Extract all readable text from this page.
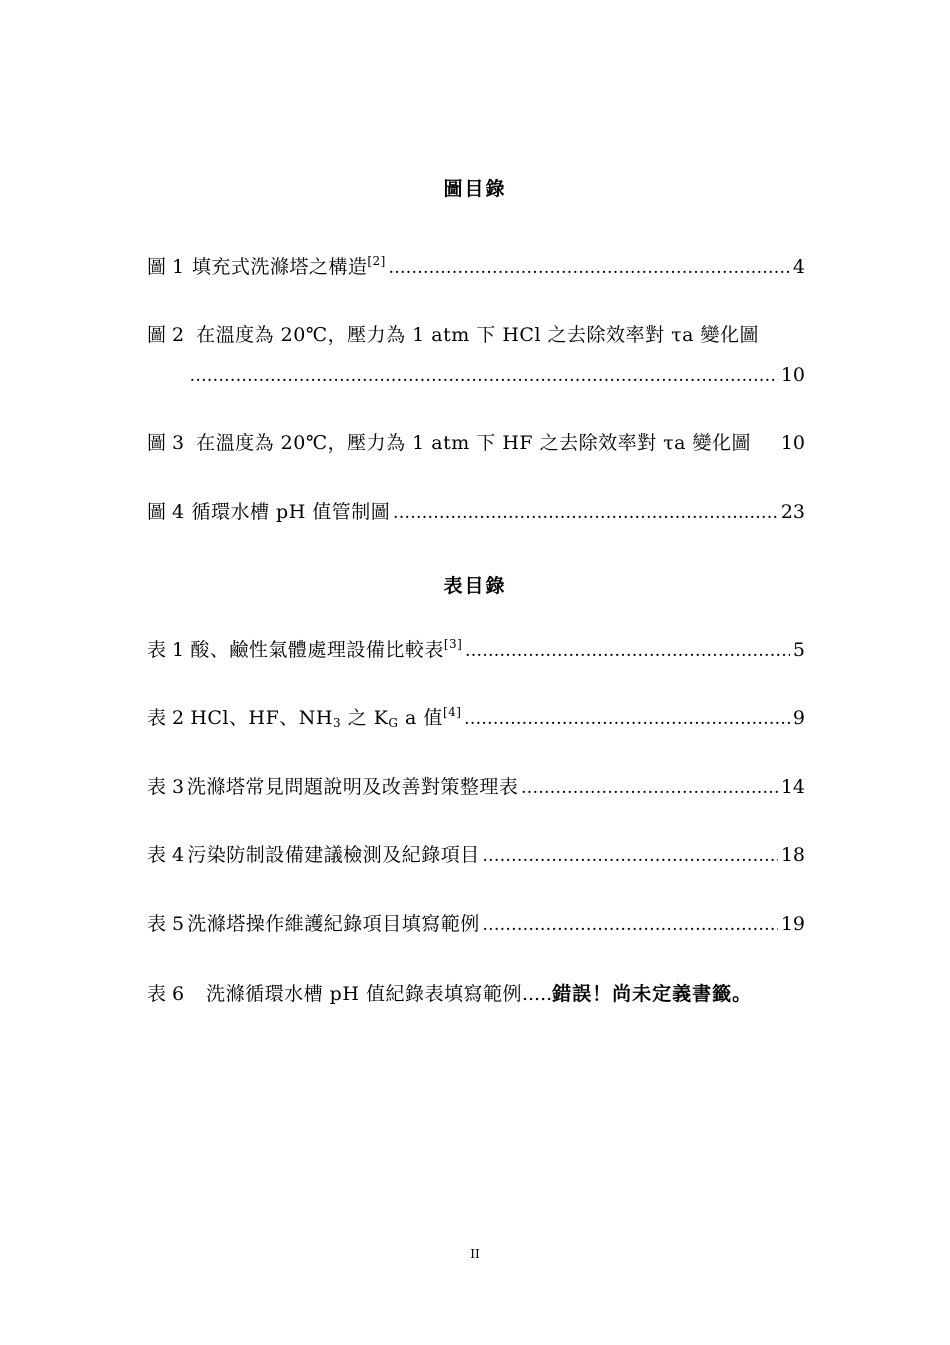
圖目錄
圖 1 填充式洗滌塔之構造[2] .....	4
圖 2 在溫度為 20℃，壓力為 1 atm 下 HCl 之去除效率對 τa 變化圖
.....
10
圖 3 在溫度為 20℃，壓力為 1 atm 下 HF 之去除效率對 τa 變化圖 10
圖 4 循環水槽 pH 值管制圖 .....	23
表目錄
表 1 酸、鹼性氣體處理設備比較表[3] .....	5
表 2 HCl、HF、$NH_3$ 之 $K_G$ a 值[4] .....	9
表 3 洗滌塔常見問題說明及改善對策整理表 .....	14
表 4 污染防制設備建議檢測及紀錄項目 .....	18
表 5 洗滌塔操作維護紀錄項目填寫範例 .....	19
表 6 洗滌循環水槽 pH 值紀錄表填寫範例 ..... 錯誤！尚未定義書籤。
II
